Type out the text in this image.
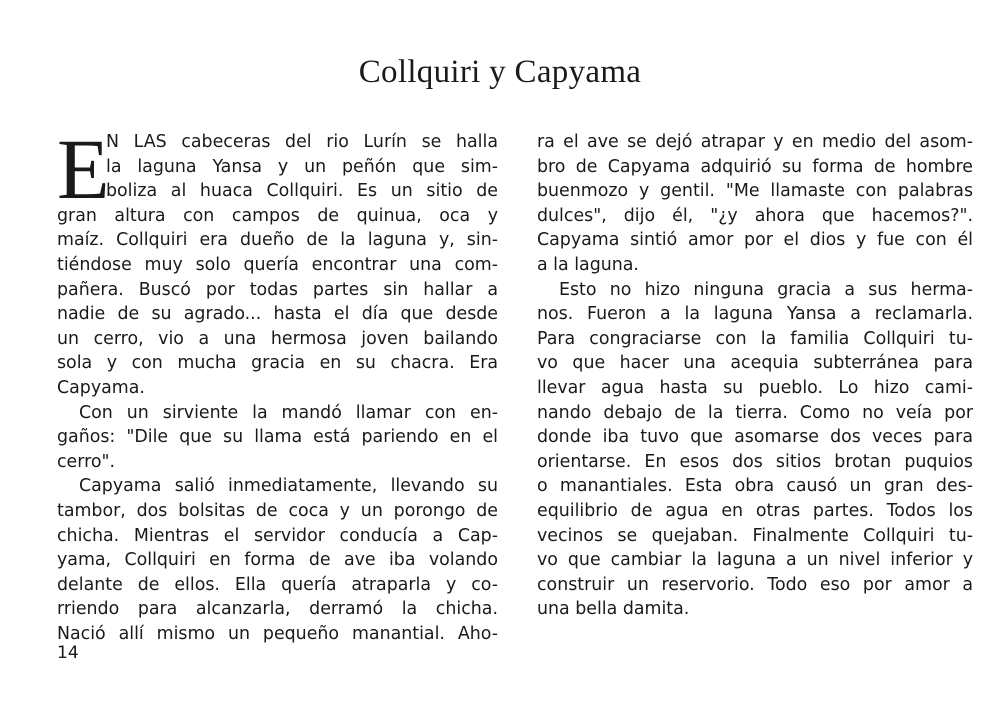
Collquiri y Capyama
E
N LAS cabeceras del rio Lurín se halla
la laguna Yansa y un peñón que sim-
boliza al huaca Collquiri. Es un sitio de
gran altura con campos de quinua, oca y
maíz. Collquiri era dueño de la laguna y, sin-
tiéndose muy solo quería encontrar una com-
pañera. Buscó por todas partes sin hallar a
nadie de su agrado... hasta el día que desde
un cerro, vio a una hermosa joven bailando
sola y con mucha gracia en su chacra. Era
Capyama.
Con un sirviente la mandó llamar con en-
gaños: "Dile que su llama está pariendo en el
cerro".
Capyama salió inmediatamente, llevando su
tambor, dos bolsitas de coca y un porongo de
chicha. Mientras el servidor conducía a Cap-
yama, Collquiri en forma de ave iba volando
delante de ellos. Ella quería atraparla y co-
rriendo para alcanzarla, derramó la chicha.
Nació allí mismo un pequeño manantial. Aho-
ra el ave se dejó atrapar y en medio del asom-
bro de Capyama adquirió su forma de hombre
buenmozo y gentil. "Me llamaste con palabras
dulces", dijo él, "¿y ahora que hacemos?".
Capyama sintió amor por el dios y fue con él
a la laguna.
Esto no hizo ninguna gracia a sus herma-
nos. Fueron a la laguna Yansa a reclamarla.
Para congraciarse con la familia Collquiri tu-
vo que hacer una acequia subterránea para
llevar agua hasta su pueblo. Lo hizo cami-
nando debajo de la tierra. Como no veía por
donde iba tuvo que asomarse dos veces para
orientarse. En esos dos sitios brotan puquios
o manantiales. Esta obra causó un gran des-
equilibrio de agua en otras partes. Todos los
vecinos se quejaban. Finalmente Collquiri tu-
vo que cambiar la laguna a un nivel inferior y
construir un reservorio. Todo eso por amor a
una bella damita.
14
